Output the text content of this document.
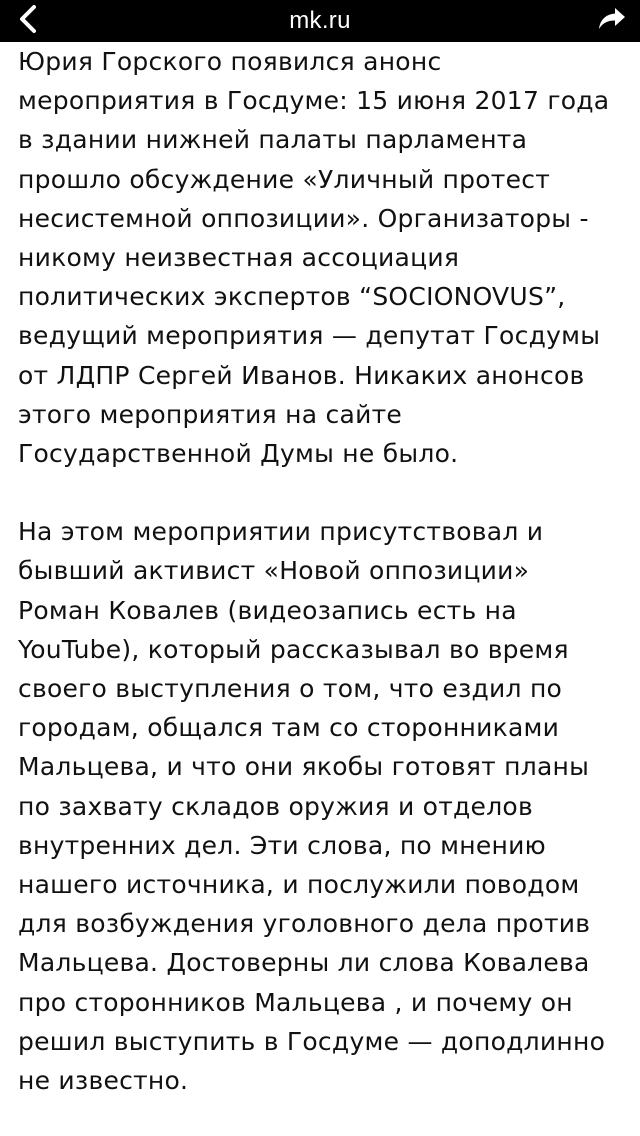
mk.ru

Юрия Горского появился анонс
мероприятия в Госдуме: 15 июня 2017 года
в здании нижней палаты парламента
прошло обсуждение «Уличный протест
несистемной оппозиции». Организаторы -
никому неизвестная ассоциация
политических экспертов “SOCIONOVUS”,
ведущий мероприятия — депутат Госдумы
от ЛДПР Сергей Иванов. Никаких анонсов
этого мероприятия на сайте
Государственной Думы не было.

На этом мероприятии присутствовал и
бывший активист «Новой оппозиции»
Роман Ковалев (видеозапись есть на
YouTube), который рассказывал во время
своего выступления о том, что ездил по
городам, общался там со сторонниками
Мальцева, и что они якобы готовят планы
по захвату складов оружия и отделов
внутренних дел. Эти слова, по мнению
нашего источника, и послужили поводом
для возбуждения уголовного дела против
Мальцева. Достоверны ли слова Ковалева
про сторонников Мальцева , и почему он
решил выступить в Госдуме — доподлинно
не известно.
